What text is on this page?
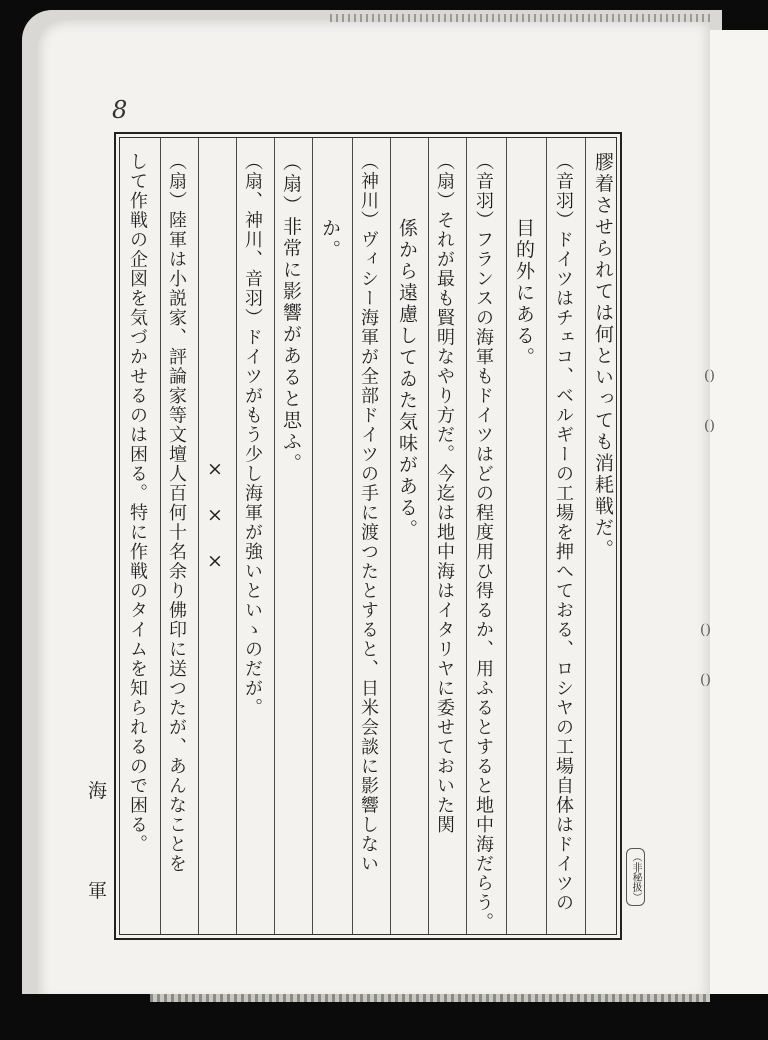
8
膠着させられては何といっても消耗戦だ。
（音羽）ドイツはチェコ、ベルギーの工場を押へておる、ロシヤの工場自体はドイツの
目的外にある。
（音羽）フランスの海軍もドイツはどの程度用ひ得るか、用ふるとすると地中海だらう。
（扇）それが最も賢明なやり方だ。今迄は地中海はイタリヤに委せておいた関
係から遠慮してゐた気味がある。
（神川）ヴィシー海軍が全部ドイツの手に渡つたとすると、日米会談に影響しない
か。
（扇）非常に影響があると思ふ。
（扇、神川、音羽）ドイツがもう少し海軍が強いといゝのだが。
×　×　×
（扇）陸軍は小説家、評論家等文壇人百何十名余り佛印に送つたが、あんなことを
して作戦の企図を気づかせるのは困る。特に作戦のタイムを知られるので困る。
海
軍	（非秘扱）
()
()
()
()
